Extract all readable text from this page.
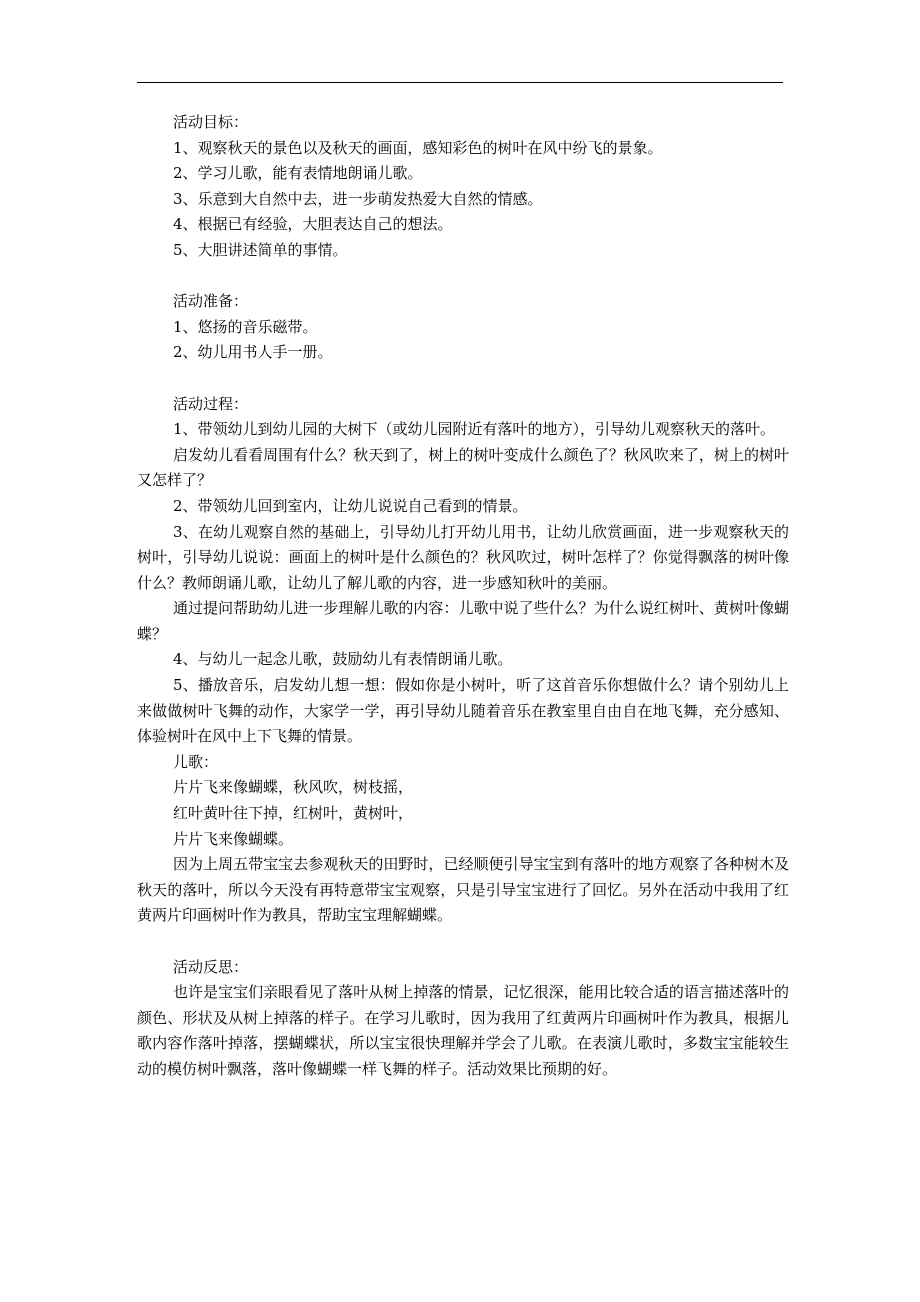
活动目标：

1、观察秋天的景色以及秋天的画面，感知彩色的树叶在风中纷飞的景象。

2、学习儿歌，能有表情地朗诵儿歌。

3、乐意到大自然中去，进一步萌发热爱大自然的情感。

4、根据已有经验，大胆表达自己的想法。

5、大胆讲述简单的事情。

活动准备：

1、悠扬的音乐磁带。

2、幼儿用书人手一册。

活动过程：

1、带领幼儿到幼儿园的大树下（或幼儿园附近有落叶的地方），引导幼儿观察秋天的落叶。

启发幼儿看看周围有什么？秋天到了，树上的树叶变成什么颜色了？秋风吹来了，树上的树叶又怎样了？

2、带领幼儿回到室内，让幼儿说说自己看到的情景。

3、在幼儿观察自然的基础上，引导幼儿打开幼儿用书，让幼儿欣赏画面，进一步观察秋天的树叶，引导幼儿说说：画面上的树叶是什么颜色的？秋风吹过，树叶怎样了？你觉得飘落的树叶像什么？教师朗诵儿歌，让幼儿了解儿歌的内容，进一步感知秋叶的美丽。

通过提问帮助幼儿进一步理解儿歌的内容：儿歌中说了些什么？为什么说红树叶、黄树叶像蝴蝶？

4、与幼儿一起念儿歌，鼓励幼儿有表情朗诵儿歌。

5、播放音乐，启发幼儿想一想：假如你是小树叶，听了这首音乐你想做什么？请个别幼儿上来做做树叶飞舞的动作，大家学一学，再引导幼儿随着音乐在教室里自由自在地飞舞，充分感知、体验树叶在风中上下飞舞的情景。

儿歌：

片片飞来像蝴蝶，秋风吹，树枝摇，

红叶黄叶往下掉，红树叶，黄树叶，

片片飞来像蝴蝶。

因为上周五带宝宝去参观秋天的田野时，已经顺便引导宝宝到有落叶的地方观察了各种树木及秋天的落叶，所以今天没有再特意带宝宝观察，只是引导宝宝进行了回忆。另外在活动中我用了红黄两片印画树叶作为教具，帮助宝宝理解蝴蝶。

活动反思：

也许是宝宝们亲眼看见了落叶从树上掉落的情景，记忆很深，能用比较合适的语言描述落叶的颜色、形状及从树上掉落的样子。在学习儿歌时，因为我用了红黄两片印画树叶作为教具，根据儿歌内容作落叶掉落，摆蝴蝶状，所以宝宝很快理解并学会了儿歌。在表演儿歌时，多数宝宝能较生动的模仿树叶飘落，落叶像蝴蝶一样飞舞的样子。活动效果比预期的好。
